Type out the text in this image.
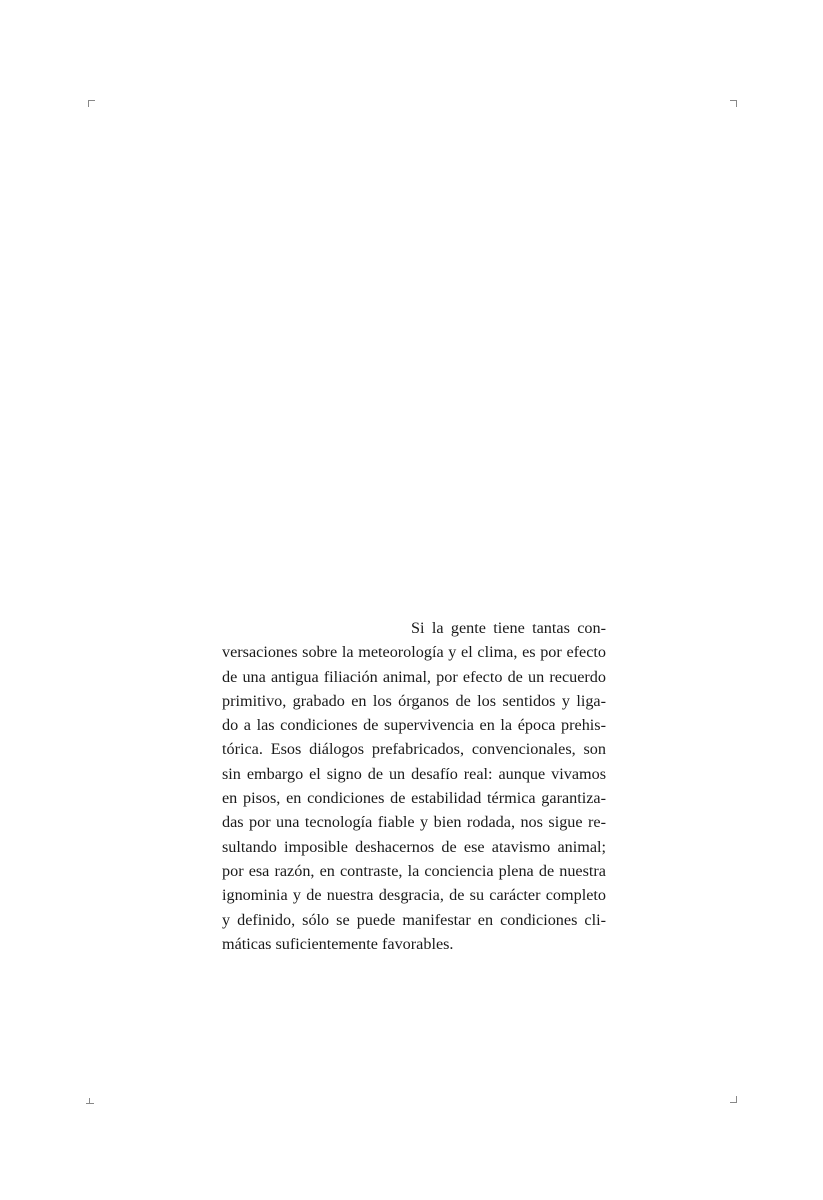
Si la gente tiene tantas con-
versaciones sobre la meteorología y el clima, es por efecto
de una antigua filiación animal, por efecto de un recuerdo
primitivo, grabado en los órganos de los sentidos y liga-
do a las condiciones de supervivencia en la época prehis-
tórica. Esos diálogos prefabricados, convencionales, son
sin embargo el signo de un desafío real: aunque vivamos
en pisos, en condiciones de estabilidad térmica garantiza-
das por una tecnología fiable y bien rodada, nos sigue re-
sultando imposible deshacernos de ese atavismo animal;
por esa razón, en contraste, la conciencia plena de nuestra
ignominia y de nuestra desgracia, de su carácter completo
y definido, sólo se puede manifestar en condiciones cli-
máticas suficientemente favorables.
